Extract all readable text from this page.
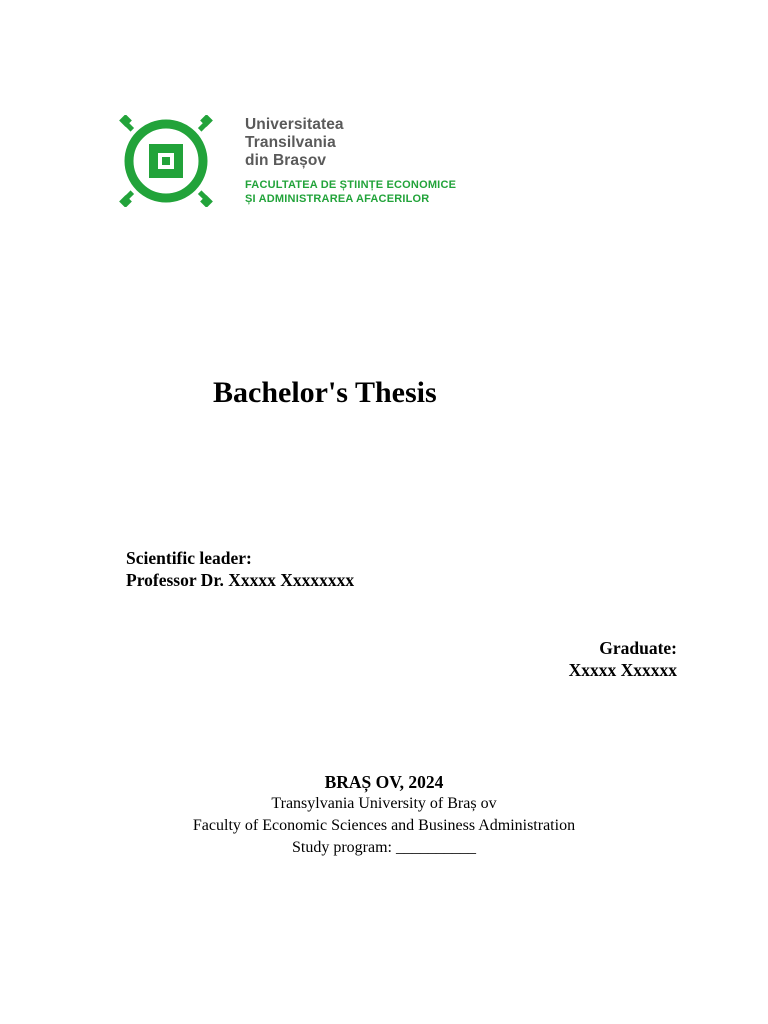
Universitatea
Transilvania
din Brașov
FACULTATEA DE ȘTIINȚE ECONOMICE
ȘI ADMINISTRAREA AFACERILOR
Bachelor's Thesis
Scientific leader:
Professor Dr. Xxxxx Xxxxxxxx
Graduate:
Xxxxx Xxxxxx
BRAȘ OV, 2024
Transylvania University of Braș ov
Faculty of Economic Sciences and Business Administration
Study program: __________
